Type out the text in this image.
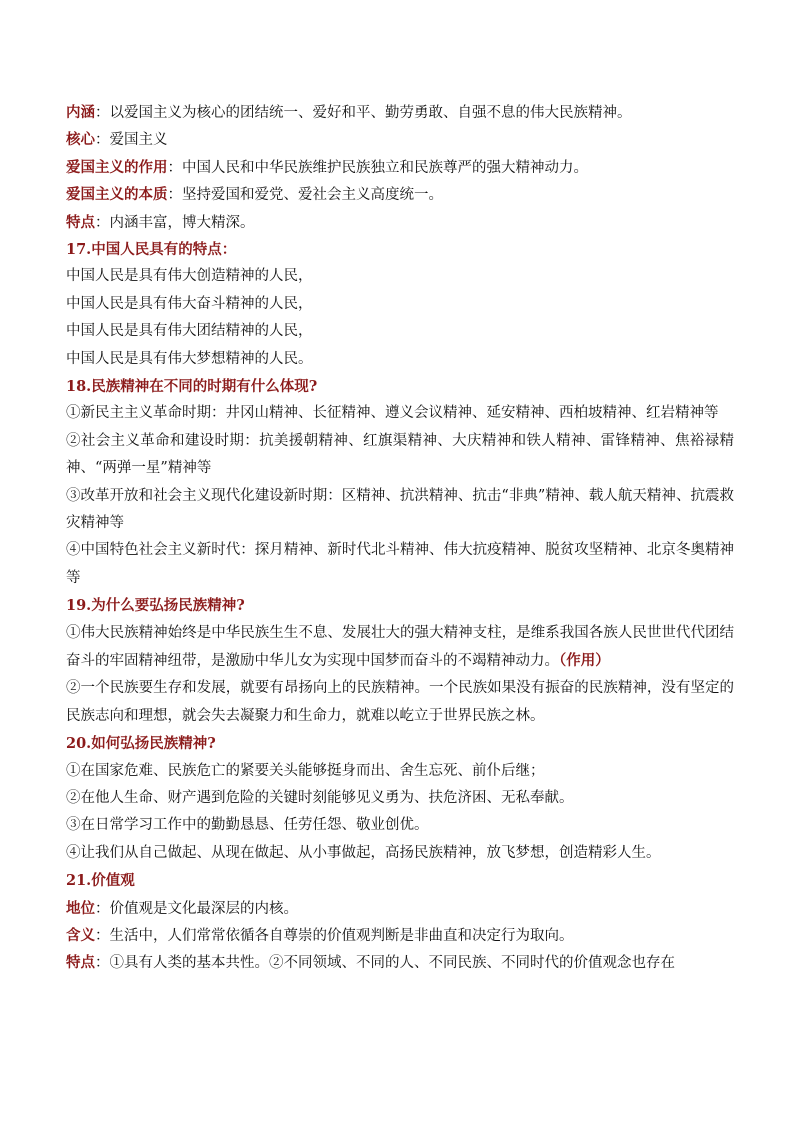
内涵：以爱国主义为核心的团结统一、爱好和平、勤劳勇敢、自强不息的伟大民族精神。
核心：爱国主义
爱国主义的作用：中国人民和中华民族维护民族独立和民族尊严的强大精神动力。
爱国主义的本质：坚持爱国和爱党、爱社会主义高度统一。
特点：内涵丰富，博大精深。
17.中国人民具有的特点：
中国人民是具有伟大创造精神的人民，
中国人民是具有伟大奋斗精神的人民，
中国人民是具有伟大团结精神的人民，
中国人民是具有伟大梦想精神的人民。
18.民族精神在不同的时期有什么体现?
①新民主主义革命时期：井冈山精神、长征精神、遵义会议精神、延安精神、西柏坡精神、红岩精神等
②社会主义革命和建设时期：抗美援朝精神、红旗渠精神、大庆精神和铁人精神、雷锋精神、焦裕禄精神、“两弹一星”精神等
③改革开放和社会主义现代化建设新时期：区精神、抗洪精神、抗击“非典”精神、载人航天精神、抗震救灾精神等
④中国特色社会主义新时代：探月精神、新时代北斗精神、伟大抗疫精神、脱贫攻坚精神、北京冬奥精神等
19.为什么要弘扬民族精神?
①伟大民族精神始终是中华民族生生不息、发展壮大的强大精神支柱，是维系我国各族人民世世代代团结奋斗的牢固精神纽带，是激励中华儿女为实现中国梦而奋斗的不竭精神动力。（作用）
②一个民族要生存和发展，就要有昂扬向上的民族精神。一个民族如果没有振奋的民族精神，没有坚定的民族志向和理想，就会失去凝聚力和生命力，就难以屹立于世界民族之林。
20.如何弘扬民族精神?
①在国家危难、民族危亡的紧要关头能够挺身而出、舍生忘死、前仆后继；
②在他人生命、财产遇到危险的关键时刻能够见义勇为、扶危济困、无私奉献。
③在日常学习工作中的勤勤恳恳、任劳任怨、敬业创优。
④让我们从自己做起、从现在做起、从小事做起，高扬民族精神，放飞梦想，创造精彩人生。
21.价值观
地位：价值观是文化最深层的内核。
含义：生活中，人们常常依循各自尊崇的价值观判断是非曲直和决定行为取向。
特点：①具有人类的基本共性。②不同领域、不同的人、不同民族、不同时代的价值观念也存在
